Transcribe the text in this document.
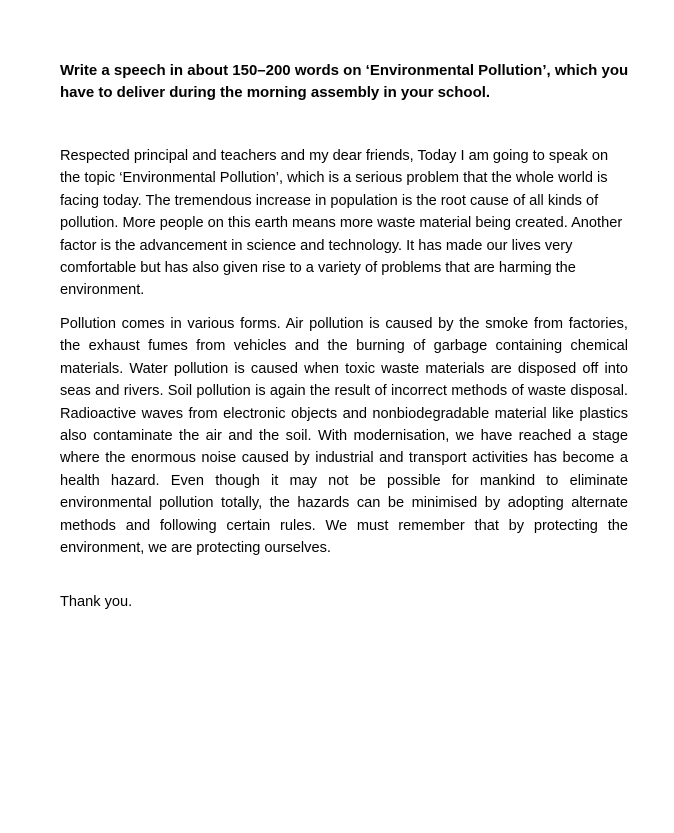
Write a speech in about 150–200 words on ‘Environmental Pollution’, which you have to deliver during the morning assembly in your school.

Respected principal and teachers and my dear friends, Today I am going to speak on the topic ‘Environmental Pollution’, which is a serious problem that the whole world is facing today. The tremendous increase in population is the root cause of all kinds of pollution. More people on this earth means more waste material being created. Another factor is the advancement in science and technology. It has made our lives very comfortable but has also given rise to a variety of problems that are harming the environment.

Pollution comes in various forms. Air pollution is caused by the smoke from factories, the exhaust fumes from vehicles and the burning of garbage containing chemical materials. Water pollution is caused when toxic waste materials are disposed off into seas and rivers. Soil pollution is again the result of incorrect methods of waste disposal. Radioactive waves from electronic objects and nonbiodegradable material like plastics also contaminate the air and the soil. With modernisation, we have reached a stage where the enormous noise caused by industrial and transport activities has become a health hazard. Even though it may not be possible for mankind to eliminate environmental pollution totally, the hazards can be minimised by adopting alternate methods and following certain rules. We must remember that by protecting the environment, we are protecting ourselves.

Thank you.
